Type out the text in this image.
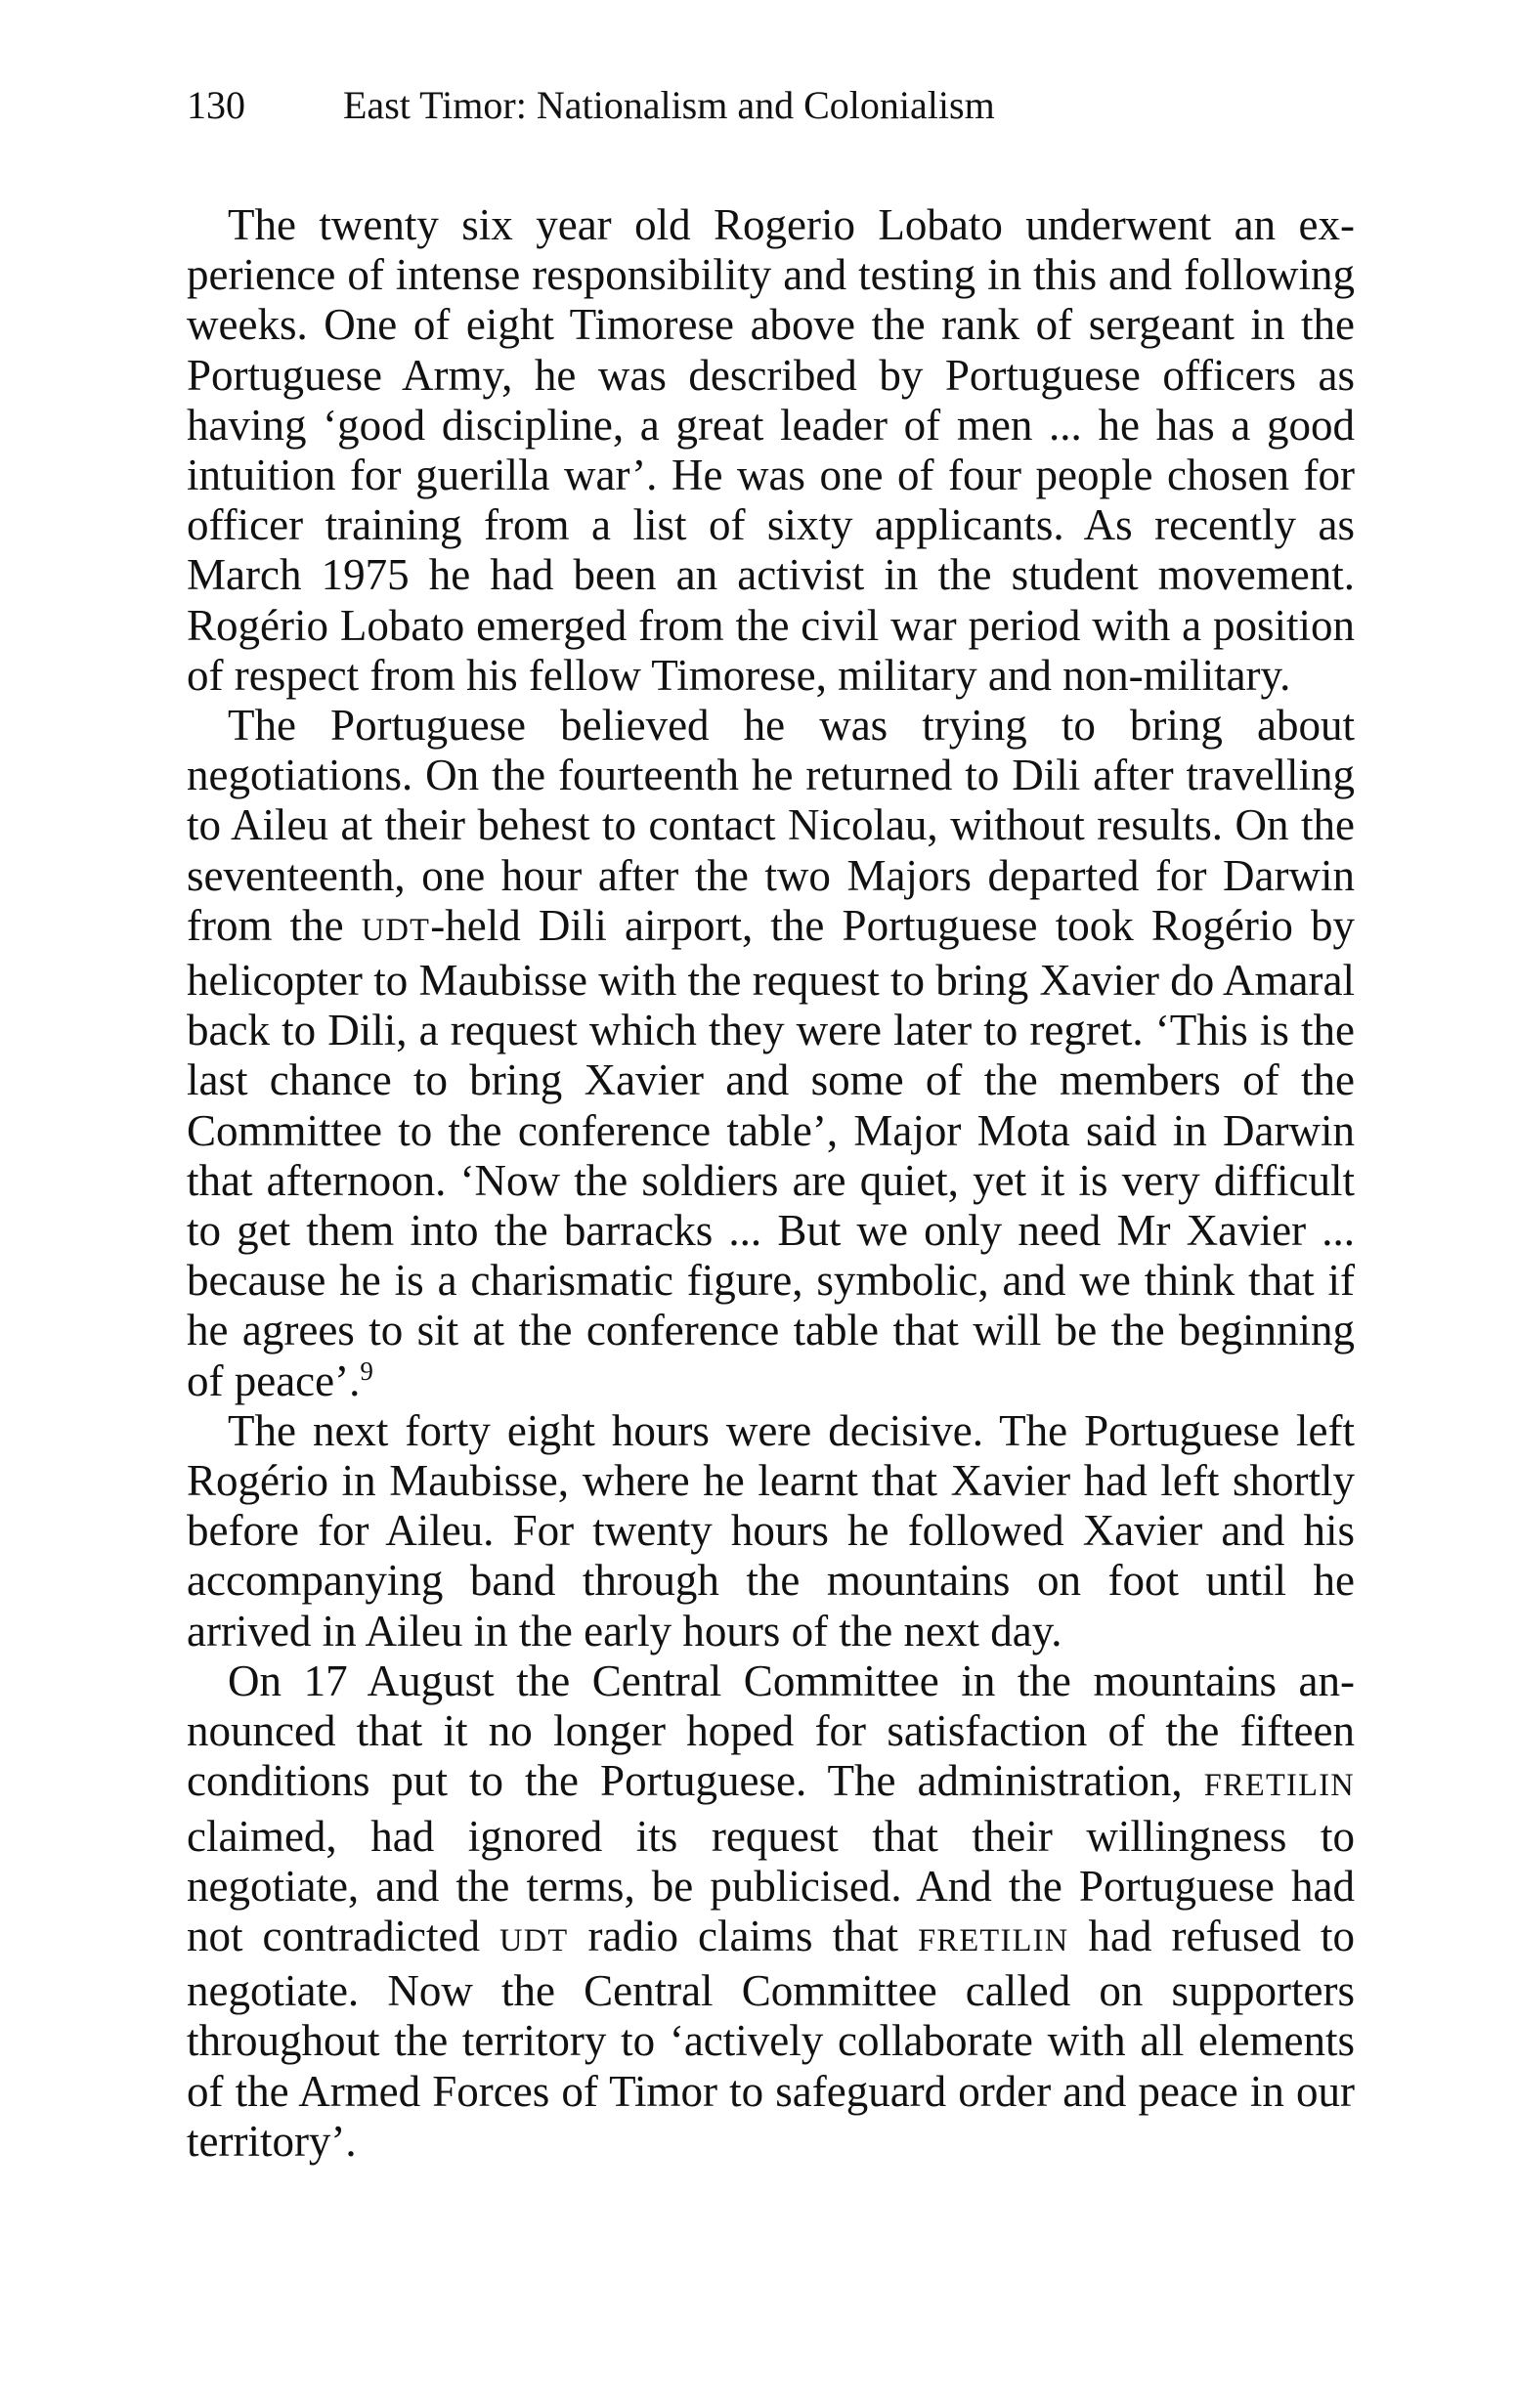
130	East Timor: Nationalism and Colonialism

The twenty six year old Rogerio Lobato underwent an experience of intense responsibility and testing in this and following weeks. One of eight Timorese above the rank of sergeant in the Portuguese Army, he was described by Portuguese officers as having ‘good discipline, a great leader of men ... he has a good intuition for guerilla war’. He was one of four people chosen for officer training from a list of sixty applicants. As recently as March 1975 he had been an activist in the student movement. Rogério Lobato emerged from the civil war period with a position of respect from his fellow Timorese, military and non-military.

The Portuguese believed he was trying to bring about negotiations. On the fourteenth he returned to Dili after travelling to Aileu at their behest to contact Nicolau, without results. On the seventeenth, one hour after the two Majors departed for Darwin from the UDT-held Dili airport, the Portuguese took Rogério by helicopter to Maubisse with the request to bring Xavier do Amaral back to Dili, a request which they were later to regret. ‘This is the last chance to bring Xavier and some of the members of the Committee to the conference table’, Major Mota said in Darwin that afternoon. ‘Now the soldiers are quiet, yet it is very difficult to get them into the barracks ... But we only need Mr Xavier ... because he is a charismatic figure, symbolic, and we think that if he agrees to sit at the conference table that will be the beginning of peace’.$^9$

The next forty eight hours were decisive. The Portuguese left Rogério in Maubisse, where he learnt that Xavier had left shortly before for Aileu. For twenty hours he followed Xavier and his accompanying band through the mountains on foot until he arrived in Aileu in the early hours of the next day.

On 17 August the Central Committee in the mountains announced that it no longer hoped for satisfaction of the fifteen conditions put to the Portuguese. The administration, FRETILIN claimed, had ignored its request that their willingness to negotiate, and the terms, be publicised. And the Portuguese had not contradicted UDT radio claims that FRETILIN had refused to negotiate. Now the Central Committee called on supporters throughout the territory to ‘actively collaborate with all elements of the Armed Forces of Timor to safeguard order and peace in our territory’.
